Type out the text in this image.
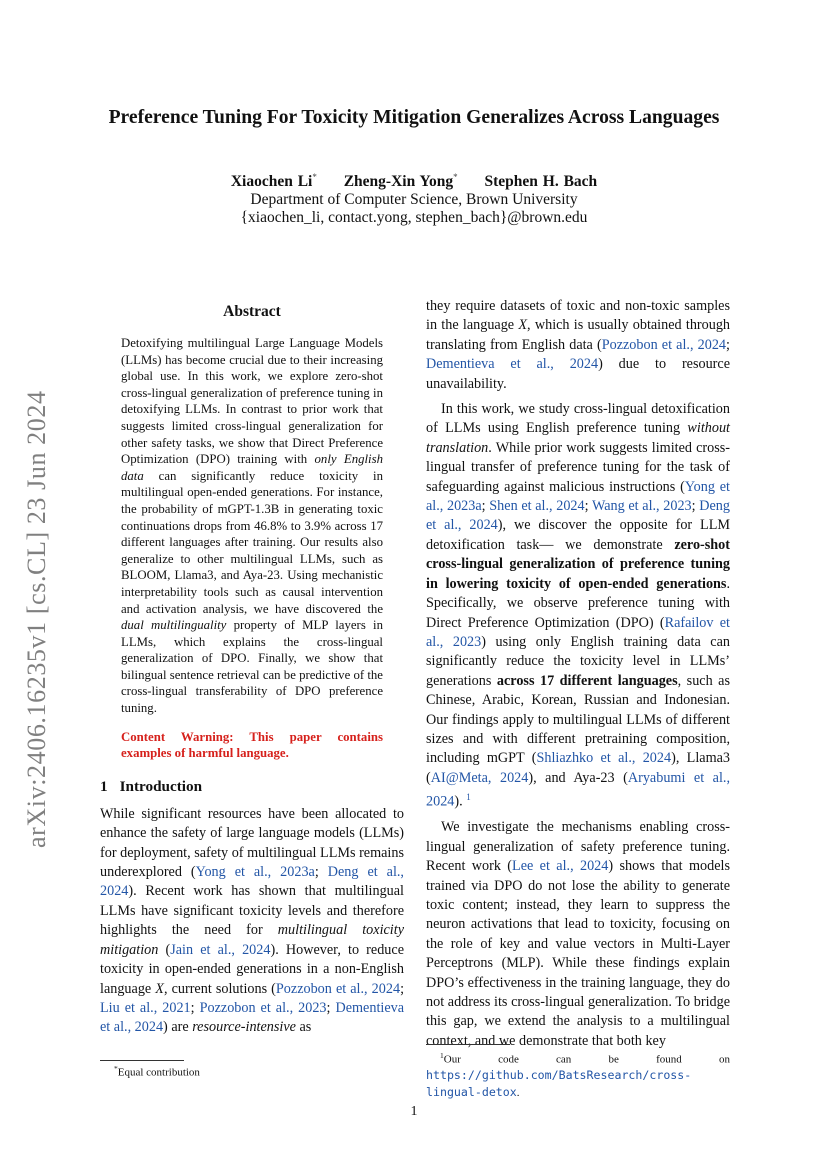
arXiv:2406.16235v1 [cs.CL] 23 Jun 2024
Preference Tuning For Toxicity Mitigation Generalizes Across Languages
Xiaochen Li* Zheng-Xin Yong* Stephen H. Bach
Department of Computer Science, Brown University
{xiaochen_li, contact.yong, stephen_bach}@brown.edu
Abstract
Detoxifying multilingual Large Language Models (LLMs) has become crucial due to their increasing global use. In this work, we explore zero-shot cross-lingual generalization of preference tuning in detoxifying LLMs. In contrast to prior work that suggests limited cross-lingual generalization for other safety tasks, we show that Direct Preference Optimization (DPO) training with only English data can significantly reduce toxicity in multilingual open-ended generations. For instance, the probability of mGPT-1.3B in generating toxic continuations drops from 46.8% to 3.9% across 17 different languages after training. Our results also generalize to other multilingual LLMs, such as BLOOM, Llama3, and Aya-23. Using mechanistic interpretability tools such as causal intervention and activation analysis, we have discovered the dual multilinguality property of MLP layers in LLMs, which explains the cross-lingual generalization of DPO. Finally, we show that bilingual sentence retrieval can be predictive of the cross-lingual transferability of DPO preference tuning.
Content Warning: This paper contains examples of harmful language.
1 Introduction

While significant resources have been allocated to enhance the safety of large language models (LLMs) for deployment, safety of multilingual LLMs remains underexplored (Yong et al., 2023a; Deng et al., 2024). Recent work has shown that multilingual LLMs have significant toxicity levels and therefore highlights the need for multilingual toxicity mitigation (Jain et al., 2024). However, to reduce toxicity in open-ended generations in a non-English language X, current solutions (Pozzobon et al., 2024; Liu et al., 2021; Pozzobon et al., 2023; Dementieva et al., 2024) are resource-intensive as

they require datasets of toxic and non-toxic samples in the language X, which is usually obtained through translating from English data (Pozzobon et al., 2024; Dementieva et al., 2024) due to resource unavailability.

In this work, we study cross-lingual detoxification of LLMs using English preference tuning without translation. While prior work suggests limited cross-lingual transfer of preference tuning for the task of safeguarding against malicious instructions (Yong et al., 2023a; Shen et al., 2024; Wang et al., 2023; Deng et al., 2024), we discover the opposite for LLM detoxification task— we demonstrate zero-shot cross-lingual generalization of preference tuning in lowering toxicity of open-ended generations. Specifically, we observe preference tuning with Direct Preference Optimization (DPO) (Rafailov et al., 2023) using only English training data can significantly reduce the toxicity level in LLMs’ generations across 17 different languages, such as Chinese, Arabic, Korean, Russian and Indonesian. Our findings apply to multilingual LLMs of different sizes and with different pretraining composition, including mGPT (Shliazhko et al., 2024), Llama3 (AI@Meta, 2024), and Aya-23 (Aryabumi et al., 2024). $^1$

We investigate the mechanisms enabling cross-lingual generalization of safety preference tuning. Recent work (Lee et al., 2024) shows that models trained via DPO do not lose the ability to generate toxic content; instead, they learn to suppress the neuron activations that lead to toxicity, focusing on the role of key and value vectors in Multi-Layer Perceptrons (MLP). While these findings explain DPO’s effectiveness in the training language, they do not address its cross-lingual generalization. To bridge this gap, we extend the analysis to a multilingual context, and we demonstrate that both key

*Equal contribution
$^1$Our code can be found on https://github.com/BatsResearch/cross-lingual-detox.
1
